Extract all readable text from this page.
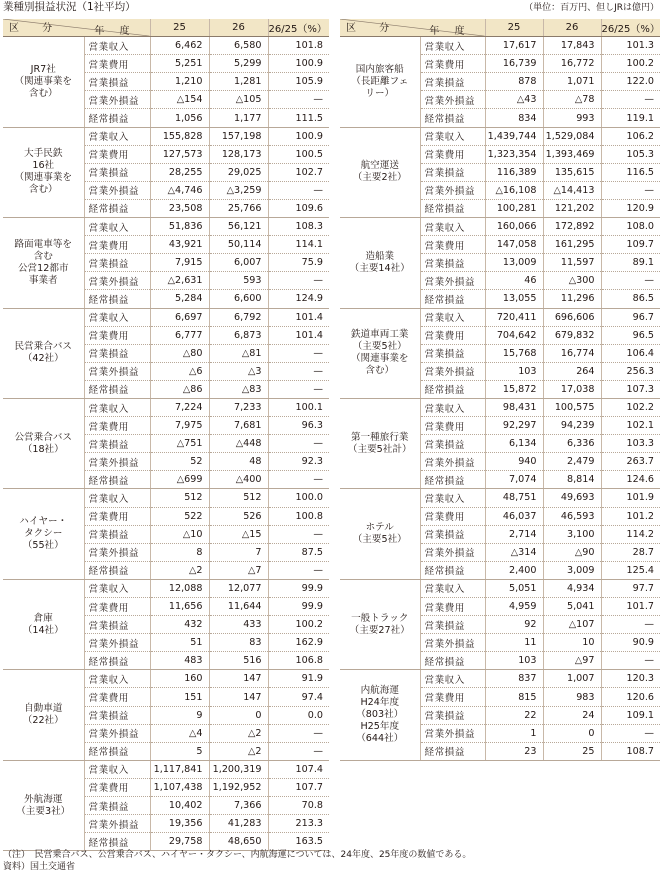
業種別損益状況（1社平均）	（単位：百万円、但しJRは億円）
年 度
区 分		25	26	26/25（%）
JR7社
（関連事業を
含む）	営業収入	6,462	6,580	101.8
	営業費用	5,251	5,299	100.9
	営業損益	1,210	1,281	105.9
	営業外損益	△154	△105	—
	経常損益	1,056	1,177	111.5
大手民鉄
16社
（関連事業を
含む）	営業収入	155,828	157,198	100.9
	営業費用	127,573	128,173	100.5
	営業損益	28,255	29,025	102.7
	営業外損益	△4,746	△3,259	—
	経常損益	23,508	25,766	109.6
路面電車等を
含む
公営12都市
事業者	営業収入	51,836	56,121	108.3
	営業費用	43,921	50,114	114.1
	営業損益	7,915	6,007	75.9
	営業外損益	△2,631	593	—
	経常損益	5,284	6,600	124.9
民営乗合バス
（42社）	営業収入	6,697	6,792	101.4
	営業費用	6,777	6,873	101.4
	営業損益	△80	△81	—
	営業外損益	△6	△3	—
	経常損益	△86	△83	—
公営乗合バス
（18社）	営業収入	7,224	7,233	100.1
	営業費用	7,975	7,681	96.3
	営業損益	△751	△448	—
	営業外損益	52	48	92.3
	経常損益	△699	△400	—
ハイヤー・
タクシー
（55社）	営業収入	512	512	100.0
	営業費用	522	526	100.8
	営業損益	△10	△15	—
	営業外損益	8	7	87.5
	経常損益	△2	△7	—
倉庫
（14社）	営業収入	12,088	12,077	99.9
	営業費用	11,656	11,644	99.9
	営業損益	432	433	100.2
	営業外損益	51	83	162.9
	経常損益	483	516	106.8
自動車道
（22社）	営業収入	160	147	91.9
	営業費用	151	147	97.4
	営業損益	9	0	0.0
	営業外損益	△4	△2	—
	経常損益	5	△2	—
外航海運
（主要3社）	営業収入	1,117,841	1,200,319	107.4
	営業費用	1,107,438	1,192,952	107.7
	営業損益	10,402	7,366	70.8
	営業外損益	19,356	41,283	213.3
	経常損益	29,758	48,650	163.5
年 度
区 分		25	26	26/25（%）
国内旅客船
（長距離フェ
リー）	営業収入	17,617	17,843	101.3
	営業費用	16,739	16,772	100.2
	営業損益	878	1,071	122.0
	営業外損益	△43	△78	—
	経常損益	834	993	119.1
航空運送
（主要2社）	営業収入	1,439,744	1,529,084	106.2
	営業費用	1,323,354	1,393,469	105.3
	営業損益	116,389	135,615	116.5
	営業外損益	△16,108	△14,413	—
	経常損益	100,281	121,202	120.9
造船業
（主要14社）	営業収入	160,066	172,892	108.0
	営業費用	147,058	161,295	109.7
	営業損益	13,009	11,597	89.1
	営業外損益	46	△300	—
	経常損益	13,055	11,296	86.5
鉄道車両工業
（主要5社）
（関連事業を
含む）	営業収入	720,411	696,606	96.7
	営業費用	704,642	679,832	96.5
	営業損益	15,768	16,774	106.4
	営業外損益	103	264	256.3
	経常損益	15,872	17,038	107.3
第一種旅行業
（主要5社計）	営業収入	98,431	100,575	102.2
	営業費用	92,297	94,239	102.1
	営業損益	6,134	6,336	103.3
	営業外損益	940	2,479	263.7
	経常損益	7,074	8,814	124.6
ホテル
（主要5社）	営業収入	48,751	49,693	101.9
	営業費用	46,037	46,593	101.2
	営業損益	2,714	3,100	114.2
	営業外損益	△314	△90	28.7
	経常損益	2,400	3,009	125.4
一般トラック
（主要27社）	営業収入	5,051	4,934	97.7
	営業費用	4,959	5,041	101.7
	営業損益	92	△107	—
	営業外損益	11	10	90.9
	経常損益	103	△97	—
内航海運
H24年度
（803社）
H25年度
（644社）	営業収入	837	1,007	120.3
	営業費用	815	983	120.6
	営業損益	22	24	109.1
	営業外損益	1	0	—
	経常損益	23	25	108.7
（注）　民営乗合バス、公営乗合バス、ハイヤー・タクシー、内航海運については、24年度、25年度の数値である。
資料）国土交通省
